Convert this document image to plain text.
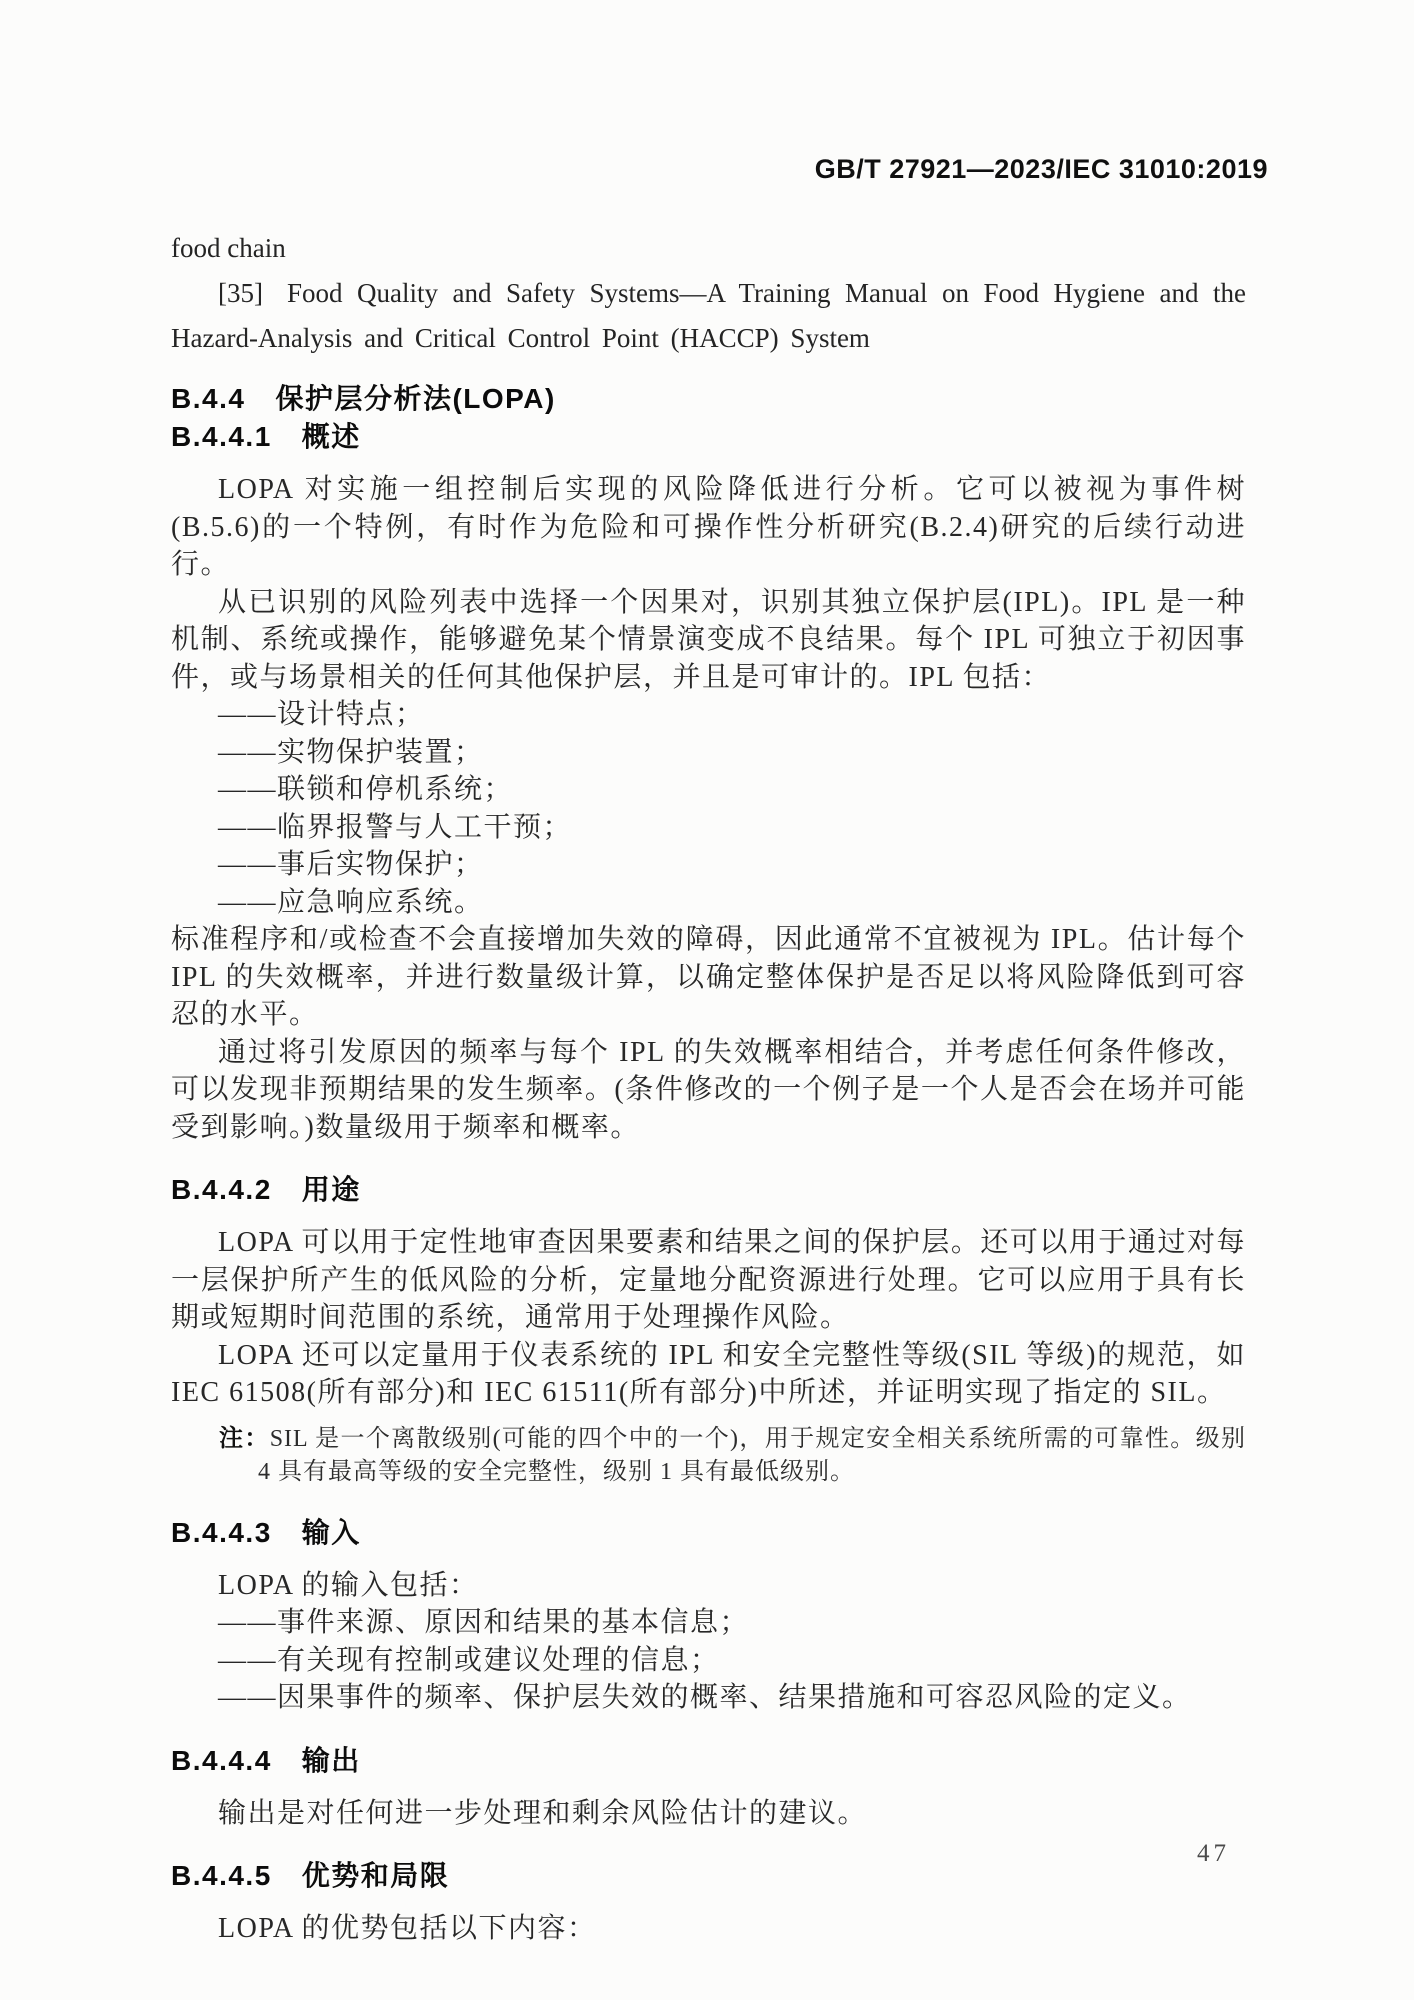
GB/T 27921—2023/IEC 31010:2019

food chain

[35] Food Quality and Safety Systems—A Training Manual on Food Hygiene and the Hazard-Analysis and Critical Control Point (HACCP) System

B.4.4 保护层分析法(LOPA)
B.4.4.1 概述

LOPA 对实施一组控制后实现的风险降低进行分析。它可以被视为事件树(B.5.6)的一个特例，有时作为危险和可操作性分析研究(B.2.4)研究的后续行动进行。

从已识别的风险列表中选择一个因果对，识别其独立保护层(IPL)。IPL 是一种机制、系统或操作，能够避免某个情景演变成不良结果。每个 IPL 可独立于初因事件，或与场景相关的任何其他保护层，并且是可审计的。IPL 包括：

——设计特点；

——实物保护装置；

——联锁和停机系统；

——临界报警与人工干预；

——事后实物保护；

——应急响应系统。

标准程序和/或检查不会直接增加失效的障碍，因此通常不宜被视为 IPL。估计每个 IPL 的失效概率，并进行数量级计算，以确定整体保护是否足以将风险降低到可容忍的水平。

通过将引发原因的频率与每个 IPL 的失效概率相结合，并考虑任何条件修改，可以发现非预期结果的发生频率。(条件修改的一个例子是一个人是否会在场并可能受到影响。)数量级用于频率和概率。

B.4.4.2 用途

LOPA 可以用于定性地审查因果要素和结果之间的保护层。还可以用于通过对每一层保护所产生的低风险的分析，定量地分配资源进行处理。它可以应用于具有长期或短期时间范围的系统，通常用于处理操作风险。

LOPA 还可以定量用于仪表系统的 IPL 和安全完整性等级(SIL 等级)的规范，如 IEC 61508(所有部分)和 IEC 61511(所有部分)中所述，并证明实现了指定的 SIL。

注：SIL 是一个离散级别(可能的四个中的一个)，用于规定安全相关系统所需的可靠性。级别 4 具有最高等级的安全完整性，级别 1 具有最低级别。
B.4.4.3 输入

LOPA 的输入包括：

——事件来源、原因和结果的基本信息；

——有关现有控制或建议处理的信息；

——因果事件的频率、保护层失效的概率、结果措施和可容忍风险的定义。

B.4.4.4 输出

输出是对任何进一步处理和剩余风险估计的建议。

B.4.4.5 优势和局限

LOPA 的优势包括以下内容：

47
